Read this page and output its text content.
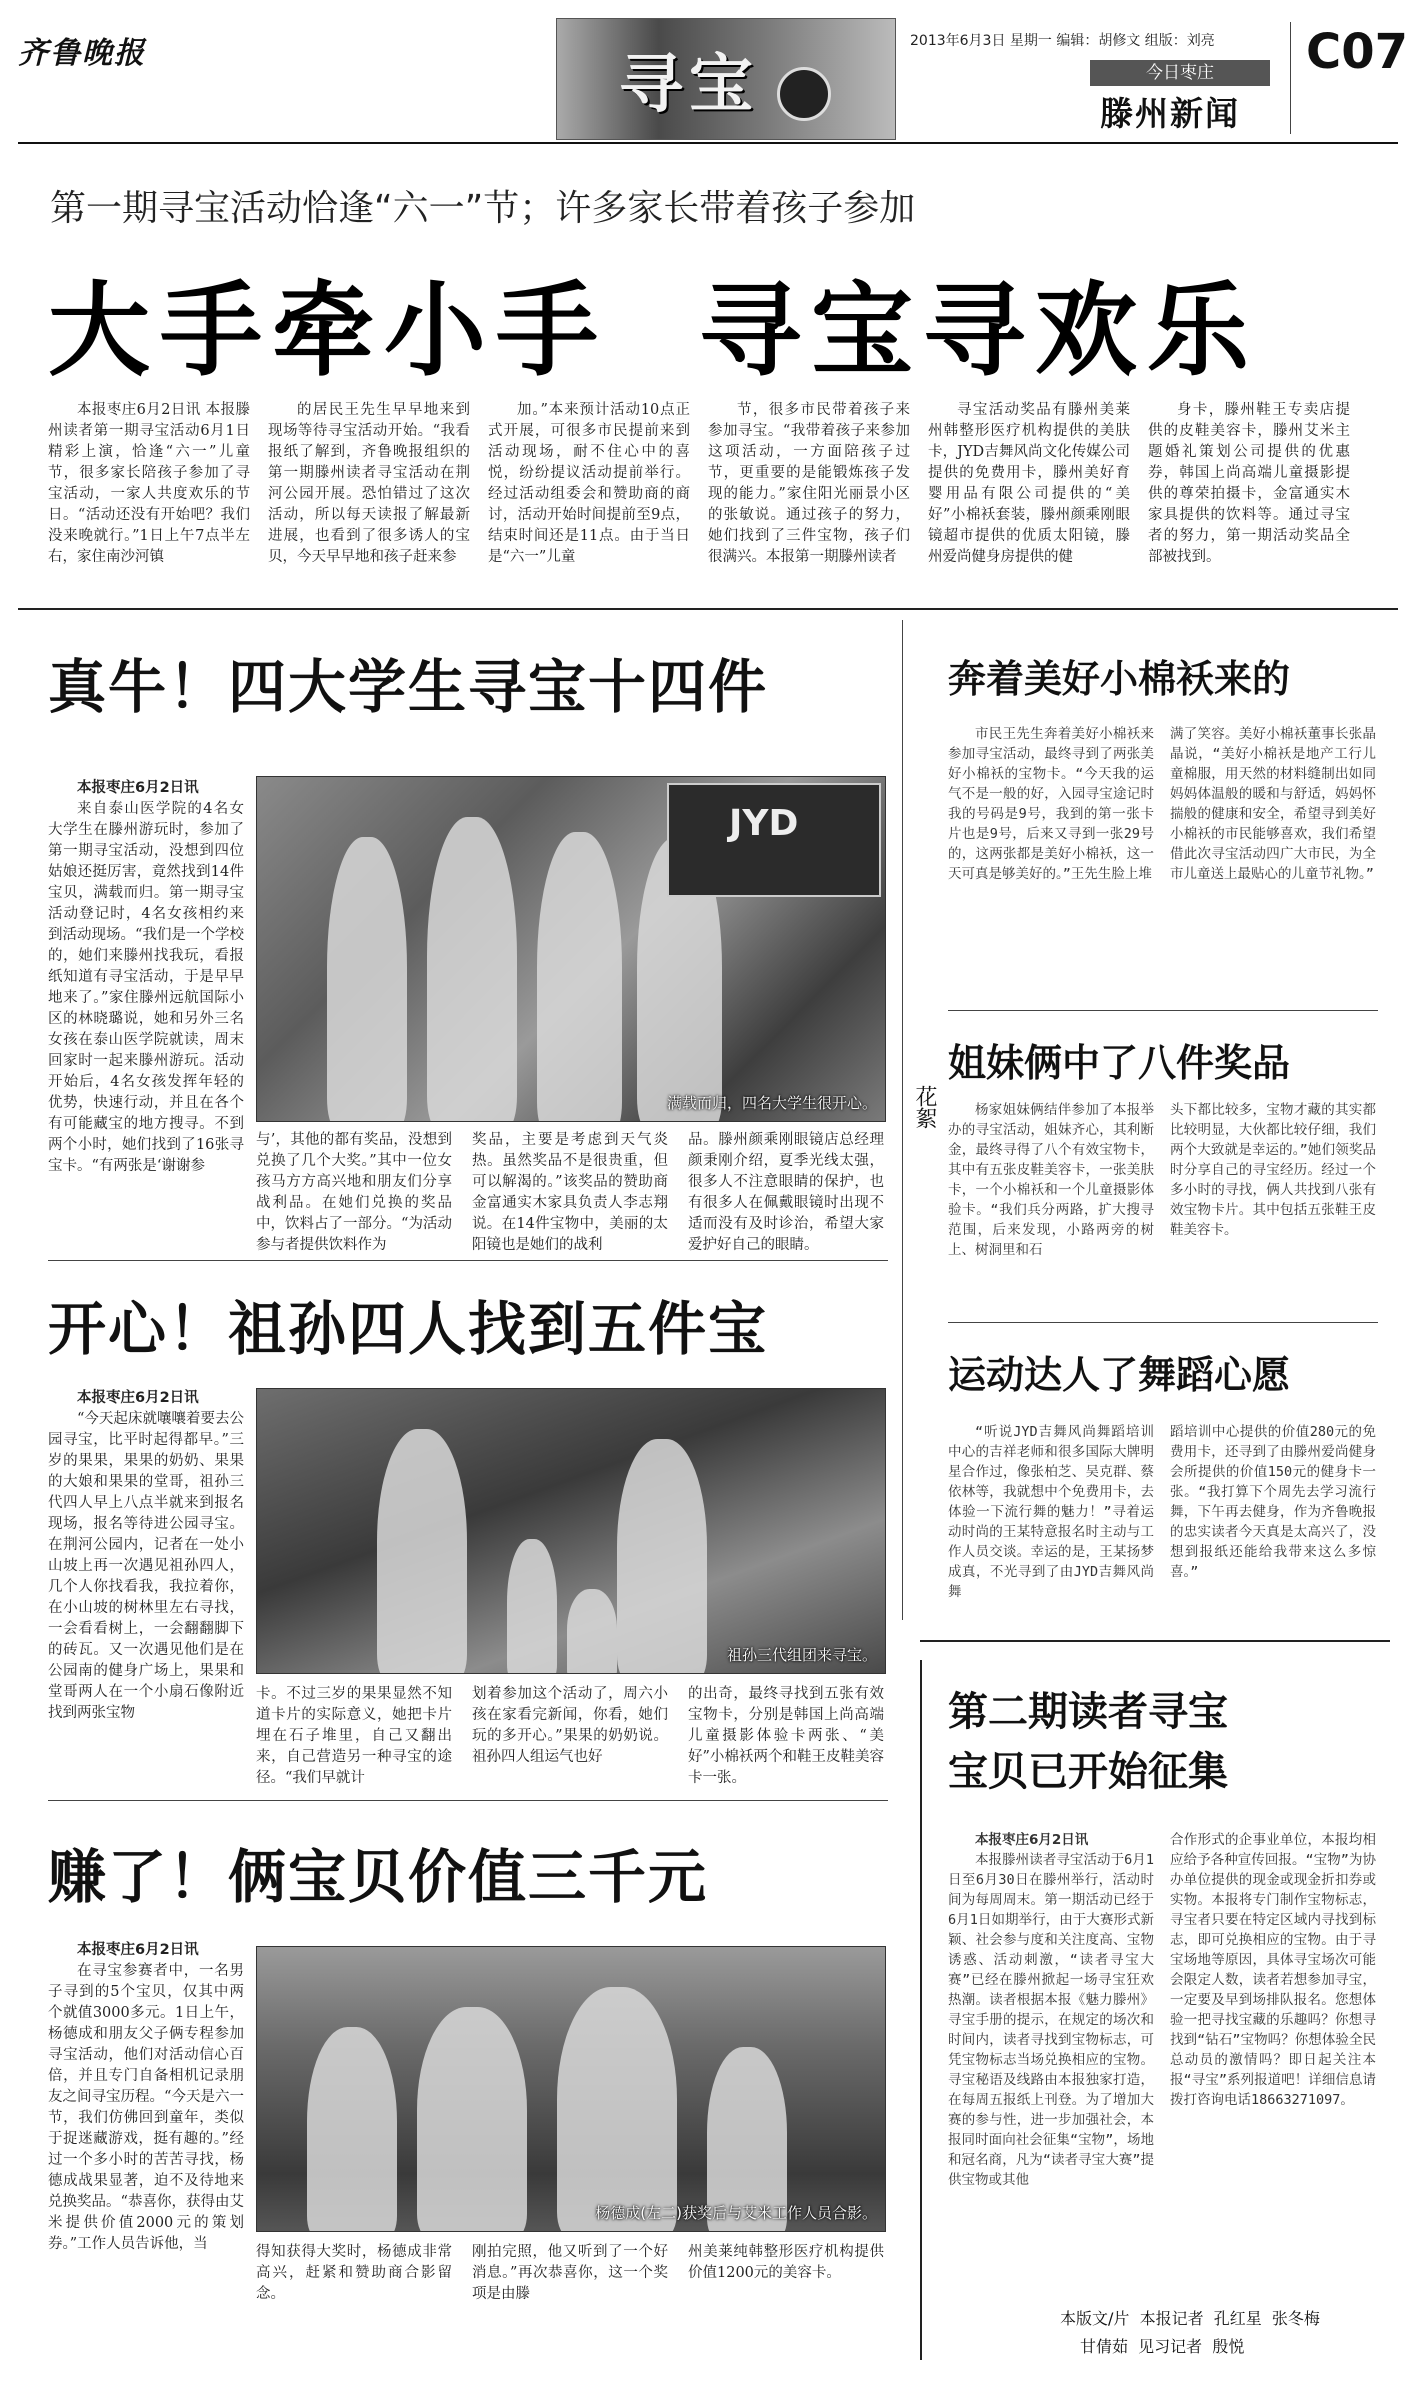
齐鲁晚报	寻宝
2013年6月3日 星期一 编辑：胡修文 组版：刘亮
今日枣庄
滕州新闻
C07
第一期寻宝活动恰逢“六一”节；许多家长带着孩子参加
大手牵小手  寻宝寻欢乐

本报枣庄6月2日讯 本报滕州读者第一期寻宝活动6月1日精彩上演，恰逢“六一”儿童节，很多家长陪孩子参加了寻宝活动，一家人共度欢乐的节日。“活动还没有开始吧？我们没来晚就行。”1日上午7点半左右，家住南沙河镇

的居民王先生早早地来到现场等待寻宝活动开始。“我看报纸了解到，齐鲁晚报组织的第一期滕州读者寻宝活动在荆河公园开展。恐怕错过了这次活动，所以每天读报了解最新进展，也看到了很多诱人的宝贝，今天早早地和孩子赶来参

加。”本来预计活动10点正式开展，可很多市民提前来到活动现场，耐不住心中的喜悦，纷纷提议活动提前举行。经过活动组委会和赞助商的商讨，活动开始时间提前至9点，结束时间还是11点。由于当日是“六一”儿童

节，很多市民带着孩子来参加寻宝。“我带着孩子来参加这项活动，一方面陪孩子过节，更重要的是能锻炼孩子发现的能力。”家住阳光丽景小区的张敏说。通过孩子的努力，她们找到了三件宝物，孩子们很满兴。本报第一期滕州读者

寻宝活动奖品有滕州美莱州韩整形医疗机构提供的美肤卡，JYD吉舞风尚文化传媒公司提供的免费用卡，滕州美好育婴用品有限公司提供的“美好”小棉袄套装，滕州颜乘刚眼镜超市提供的优质太阳镜，滕州爱尚健身房提供的健

身卡，滕州鞋王专卖店提供的皮鞋美容卡，滕州艾米主题婚礼策划公司提供的优惠券，韩国上尚高端儿童摄影提供的尊荣拍摄卡，金富通实木家具提供的饮料等。通过寻宝者的努力，第一期活动奖品全部被找到。

真牛！四大学生寻宝十四件

本报枣庄6月2日讯

来自泰山医学院的4名女大学生在滕州游玩时，参加了第一期寻宝活动，没想到四位姑娘还挺厉害，竟然找到14件宝贝，满载而归。第一期寻宝活动登记时，4名女孩相约来到活动现场。“我们是一个学校的，她们来滕州找我玩，看报纸知道有寻宝活动，于是早早地来了。”家住滕州远航国际小区的林晓璐说，她和另外三名女孩在泰山医学院就读，周末回家时一起来滕州游玩。活动开始后，4名女孩发挥年轻的优势，快速行动，并且在各个有可能藏宝的地方搜寻。不到两个小时，她们找到了16张寻宝卡。“有两张是‘谢谢参

JYD
满载而归，四名大学生很开心。

与’，其他的都有奖品，没想到兑换了几个大奖。”其中一位女孩马方方高兴地和朋友们分享战利品。在她们兑换的奖品中，饮料占了一部分。“为活动参与者提供饮料作为

奖品，主要是考虑到天气炎热。虽然奖品不是很贵重，但可以解渴的。”该奖品的赞助商金富通实木家具负责人李志翔说。在14件宝物中，美丽的太阳镜也是她们的战利

品。滕州颜乘刚眼镜店总经理颜秉刚介绍，夏季光线太强，很多人不注意眼睛的保护，也有很多人在佩戴眼镜时出现不适而没有及时诊治，希望大家爱护好自己的眼睛。

开心！祖孙四人找到五件宝

本报枣庄6月2日讯

“今天起床就嚷嚷着要去公园寻宝，比平时起得都早。”三岁的果果，果果的奶奶、果果的大娘和果果的堂哥，祖孙三代四人早上八点半就来到报名现场，报名等待进公园寻宝。在荆河公园内，记者在一处小山坡上再一次遇见祖孙四人，几个人你找看我，我拉着你，在小山坡的树林里左右寻找，一会看看树上，一会翻翻脚下的砖瓦。又一次遇见他们是在公园南的健身广场上，果果和堂哥两人在一个小扇石像附近找到两张宝物

祖孙三代组团来寻宝。

卡。不过三岁的果果显然不知道卡片的实际意义，她把卡片埋在石子堆里，自己又翻出来，自己营造另一种寻宝的途径。“我们早就计

划着参加这个活动了，周六小孩在家看完新闻，你看，她们玩的多开心。”果果的奶奶说。祖孙四人组运气也好

的出奇，最终寻找到五张有效宝物卡，分别是韩国上尚高端儿童摄影体验卡两张、“美好”小棉袄两个和鞋王皮鞋美容卡一张。

赚了！俩宝贝价值三千元

本报枣庄6月2日讯

在寻宝参赛者中，一名男子寻到的5个宝贝，仅其中两个就值3000多元。1日上午，杨德成和朋友父子俩专程参加寻宝活动，他们对活动信心百倍，并且专门自备相机记录朋友之间寻宝历程。“今天是六一节，我们仿佛回到童年，类似于捉迷藏游戏，挺有趣的。”经过一个多小时的苦苦寻找，杨德成战果显著，迫不及待地来兑换奖品。“恭喜你，获得由艾米提供价值2000元的策划券。”工作人员告诉他，当

杨德成(左二)获奖后与艾米工作人员合影。

得知获得大奖时，杨德成非常高兴，赶紧和赞助商合影留念。

刚拍完照，他又听到了一个好消息。”再次恭喜你，这一个奖项是由滕

州美莱纯韩整形医疗机构提供价值1200元的美容卡。

花絮
奔着美好小棉袄来的

市民王先生奔着美好小棉袄来参加寻宝活动，最终寻到了两张美好小棉袄的宝物卡。“今天我的运气不是一般的好，入园寻宝途记时我的号码是9号，我到的第一张卡片也是9号，后来又寻到一张29号的，这两张都是美好小棉袄，这一天可真是够美好的。”王先生脸上堆

满了笑容。美好小棉袄董事长张晶晶说，“美好小棉袄是地产工行儿童棉服，用天然的材料缝制出如同妈妈体温般的暖和与舒适，妈妈怀揣般的健康和安全，希望寻到美好小棉袄的市民能够喜欢，我们希望借此次寻宝活动四广大市民，为全市儿童送上最贴心的儿童节礼物。”

姐妹俩中了八件奖品

杨家姐妹俩结伴参加了本报举办的寻宝活动，姐妹齐心，其利断金，最终寻得了八个有效宝物卡，其中有五张皮鞋美容卡，一张美肤卡，一个小棉袄和一个儿童摄影体验卡。“我们兵分两路，扩大搜寻范围，后来发现，小路两旁的树上、树洞里和石

头下都比较多，宝物才藏的其实都比较明显，大伙都比较仔细，我们两个大致就是幸运的。”她们领奖品时分享自己的寻宝经历。经过一个多小时的寻找，俩人共找到八张有效宝物卡片。其中包括五张鞋王皮鞋美容卡。

运动达人了舞蹈心愿

“听说JYD吉舞风尚舞蹈培训中心的吉祥老师和很多国际大牌明星合作过，像张柏芝、吴克群、蔡依林等，我就想中个免费用卡，去体验一下流行舞的魅力！”寻着运动时尚的王某特意报名时主动与工作人员交谈。幸运的是，王某扬梦成真，不光寻到了由JYD吉舞风尚舞

蹈培训中心提供的价值280元的免费用卡，还寻到了由滕州爱尚健身会所提供的价值150元的健身卡一张。“我打算下个周先去学习流行舞，下午再去健身，作为齐鲁晚报的忠实读者今天真是太高兴了，没想到报纸还能给我带来这么多惊喜。”

第二期读者寻宝
宝贝已开始征集

本报枣庄6月2日讯

本报滕州读者寻宝活动于6月1日至6月30日在滕州举行，活动时间为每周周末。第一期活动已经于6月1日如期举行，由于大赛形式新颖、社会参与度和关注度高、宝物诱惑、活动刺激，“读者寻宝大赛”已经在滕州掀起一场寻宝狂欢热潮。读者根据本报《魅力滕州》寻宝手册的提示，在规定的场次和时间内，读者寻找到宝物标志，可凭宝物标志当场兑换相应的宝物。寻宝秘语及线路由本报独家打造，在每周五报纸上刊登。为了增加大赛的参与性，进一步加强社会，本报同时面向社会征集“宝物”，场地和冠名商，凡为“读者寻宝大赛”提供宝物或其他

合作形式的企事业单位，本报均相应给予各种宣传回报。“宝物”为协办单位提供的现金或现金折扣券或实物。本报将专门制作宝物标志，寻宝者只要在特定区域内寻找到标志，即可兑换相应的宝物。由于寻宝场地等原因，具体寻宝场次可能会限定人数，读者若想参加寻宝，一定要及早到场排队报名。您想体验一把寻找宝藏的乐趣吗？你想寻找到“钻石”宝物吗？你想体验全民总动员的激情吗？即日起关注本报“寻宝”系列报道吧！详细信息请拨打咨询电话18663271097。

本版文/片  本报记者  孔红星  张冬梅
甘倩茹  见习记者  殷悦
